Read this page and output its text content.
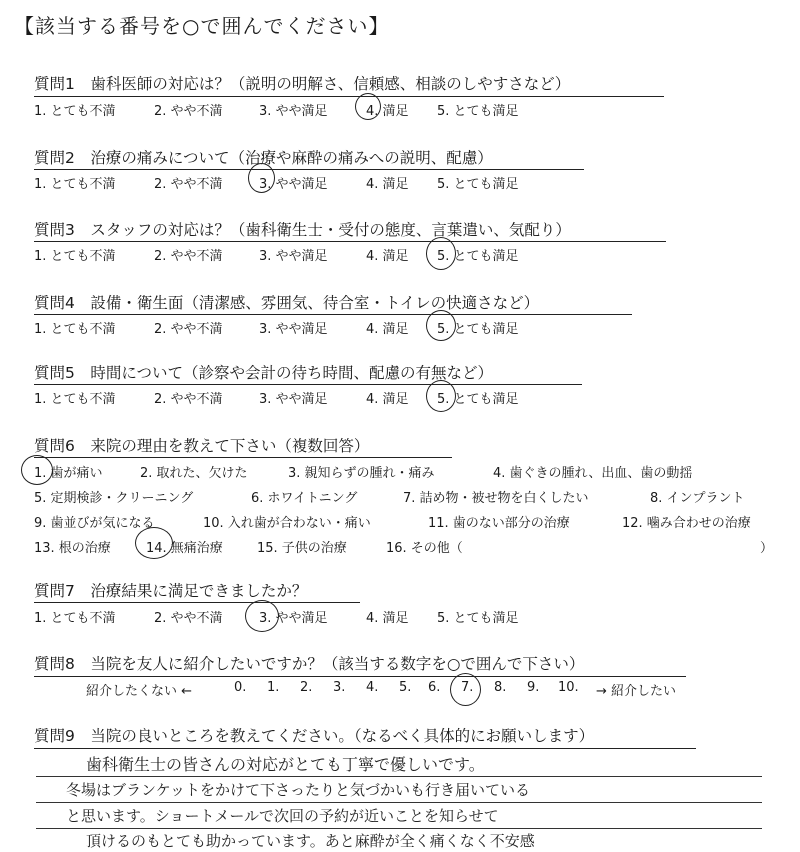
【該当する番号を○で囲んでください】
質問1　歯科医師の対応は？（説明の明解さ、信頼感、相談のしやすさなど）
1. とても不満	2. やや不満	3. やや満足	4. 満足 5. とても満足
質問2　治療の痛みについて（治療や麻酔の痛みへの説明、配慮）
1. とても不満	2. やや不満	3. やや満足	4. 満足 5. とても満足
質問3　スタッフの対応は？（歯科衛生士・受付の態度、言葉遣い、気配り）
1. とても不満	2. やや不満	3. やや満足	4. 満足 5. とても満足
質問4　設備・衛生面（清潔感、雰囲気、待合室・トイレの快適さなど）
1. とても不満	2. やや不満	3. やや満足	4. 満足 5. とても満足
質問5　時間について（診察や会計の待ち時間、配慮の有無など）
1. とても不満	2. やや不満	3. やや満足	4. 満足 5. とても満足
質問6　来院の理由を教えて下さい（複数回答）
1. 歯が痛い	2. 取れた、欠けた	3. 親知らずの腫れ・痛み	4. 歯ぐきの腫れ、出血、歯の動揺
5. 定期検診・クリーニング	6. ホワイトニング	7. 詰め物・被せ物を白くしたい	8. インプラント
9. 歯並びが気になる	10. 入れ歯が合わない・痛い	11. 歯のない部分の治療	12. 噛み合わせの治療
13. 根の治療	14. 無痛治療	15. 子供の治療	16. その他（	）
質問7　治療結果に満足できましたか？
1. とても不満	2. やや不満	3. やや満足	4. 満足 5. とても満足
質問8　当院を友人に紹介したいですか？（該当する数字を○で囲んで下さい）
紹介したくない ←	0. 1. 2. 3. 4. 5. 6. 7. 8. 9. 10. → 紹介したい
質問9　当院の良いところを教えてください。（なるべく具体的にお願いします）
歯科衛生士の皆さんの対応がとても丁寧で優しいです。
冬場はブランケットをかけて下さったりと気づかいも行き届いている
と思います。ショートメールで次回の予約が近いことを知らせて
頂けるのもとても助かっています。あと麻酔が全く痛くなく不安感
